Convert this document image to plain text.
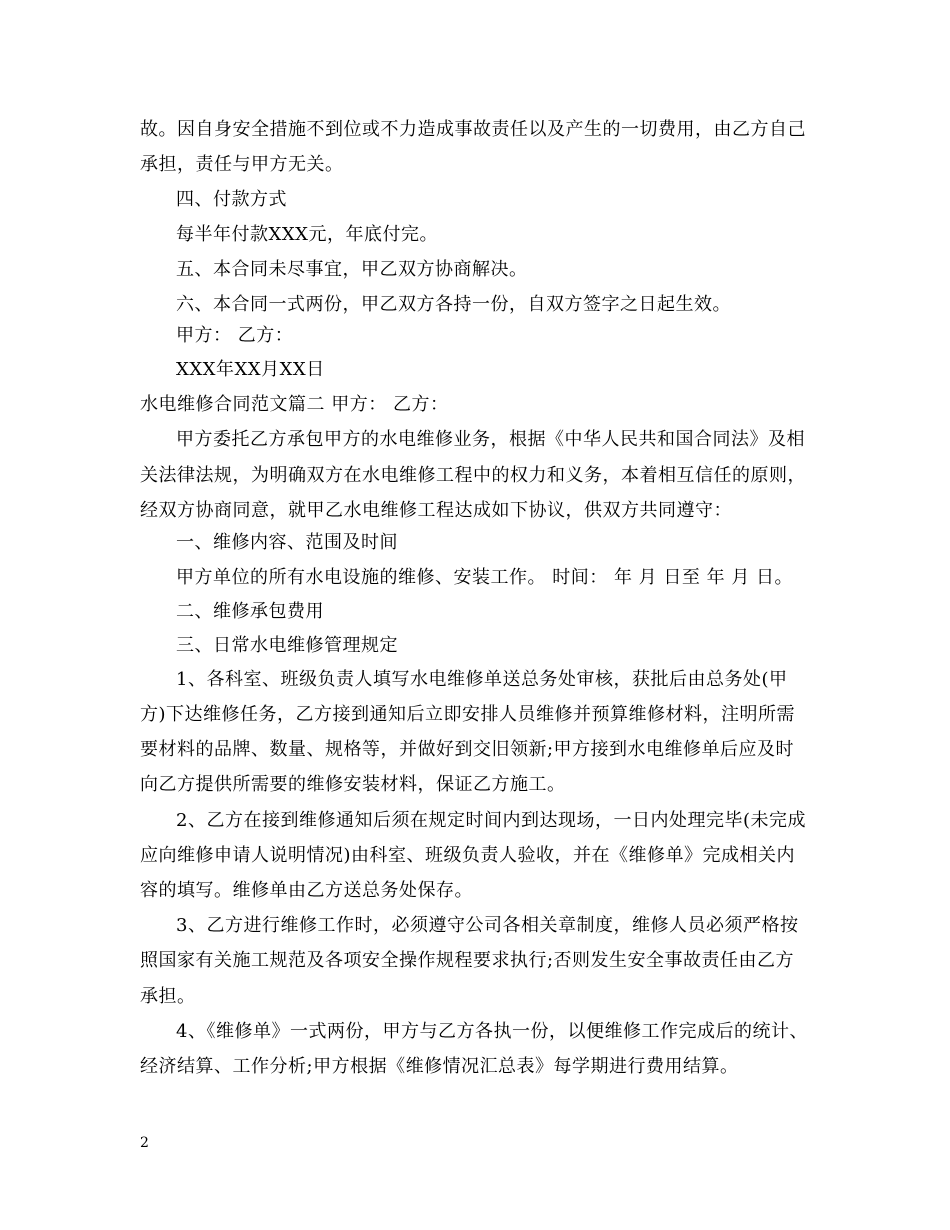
故。因自身安全措施不到位或不力造成事故责任以及产生的一切费用，由乙方自己
承担，责任与甲方无关。
四、付款方式
每半年付款XXX元，年底付完。
五、本合同未尽事宜，甲乙双方协商解决。
六、本合同一式两份，甲乙双方各持一份，自双方签字之日起生效。
甲方： 乙方：
XXX年XX月XX日
水电维修合同范文篇二 甲方： 乙方：
甲方委托乙方承包甲方的水电维修业务，根据《中华人民共和国合同法》及相
关法律法规，为明确双方在水电维修工程中的权力和义务，本着相互信任的原则，
经双方协商同意，就甲乙水电维修工程达成如下协议，供双方共同遵守：
一、维修内容、范围及时间
甲方单位的所有水电设施的维修、安装工作。 时间： 年 月 日至 年 月 日。
二、维修承包费用
三、日常水电维修管理规定
1、各科室、班级负责人填写水电维修单送总务处审核，获批后由总务处(甲
方)下达维修任务，乙方接到通知后立即安排人员维修并预算维修材料，注明所需
要材料的品牌、数量、规格等，并做好到交旧领新;甲方接到水电维修单后应及时
向乙方提供所需要的维修安装材料，保证乙方施工。
2、乙方在接到维修通知后须在规定时间内到达现场，一日内处理完毕(未完成
应向维修申请人说明情况)由科室、班级负责人验收，并在《维修单》完成相关内
容的填写。维修单由乙方送总务处保存。
3、乙方进行维修工作时，必须遵守公司各相关章制度，维修人员必须严格按
照国家有关施工规范及各项安全操作规程要求执行;否则发生安全事故责任由乙方
承担。
4、《维修单》一式两份，甲方与乙方各执一份，以便维修工作完成后的统计、
经济结算、工作分析;甲方根据《维修情况汇总表》每学期进行费用结算。
2
